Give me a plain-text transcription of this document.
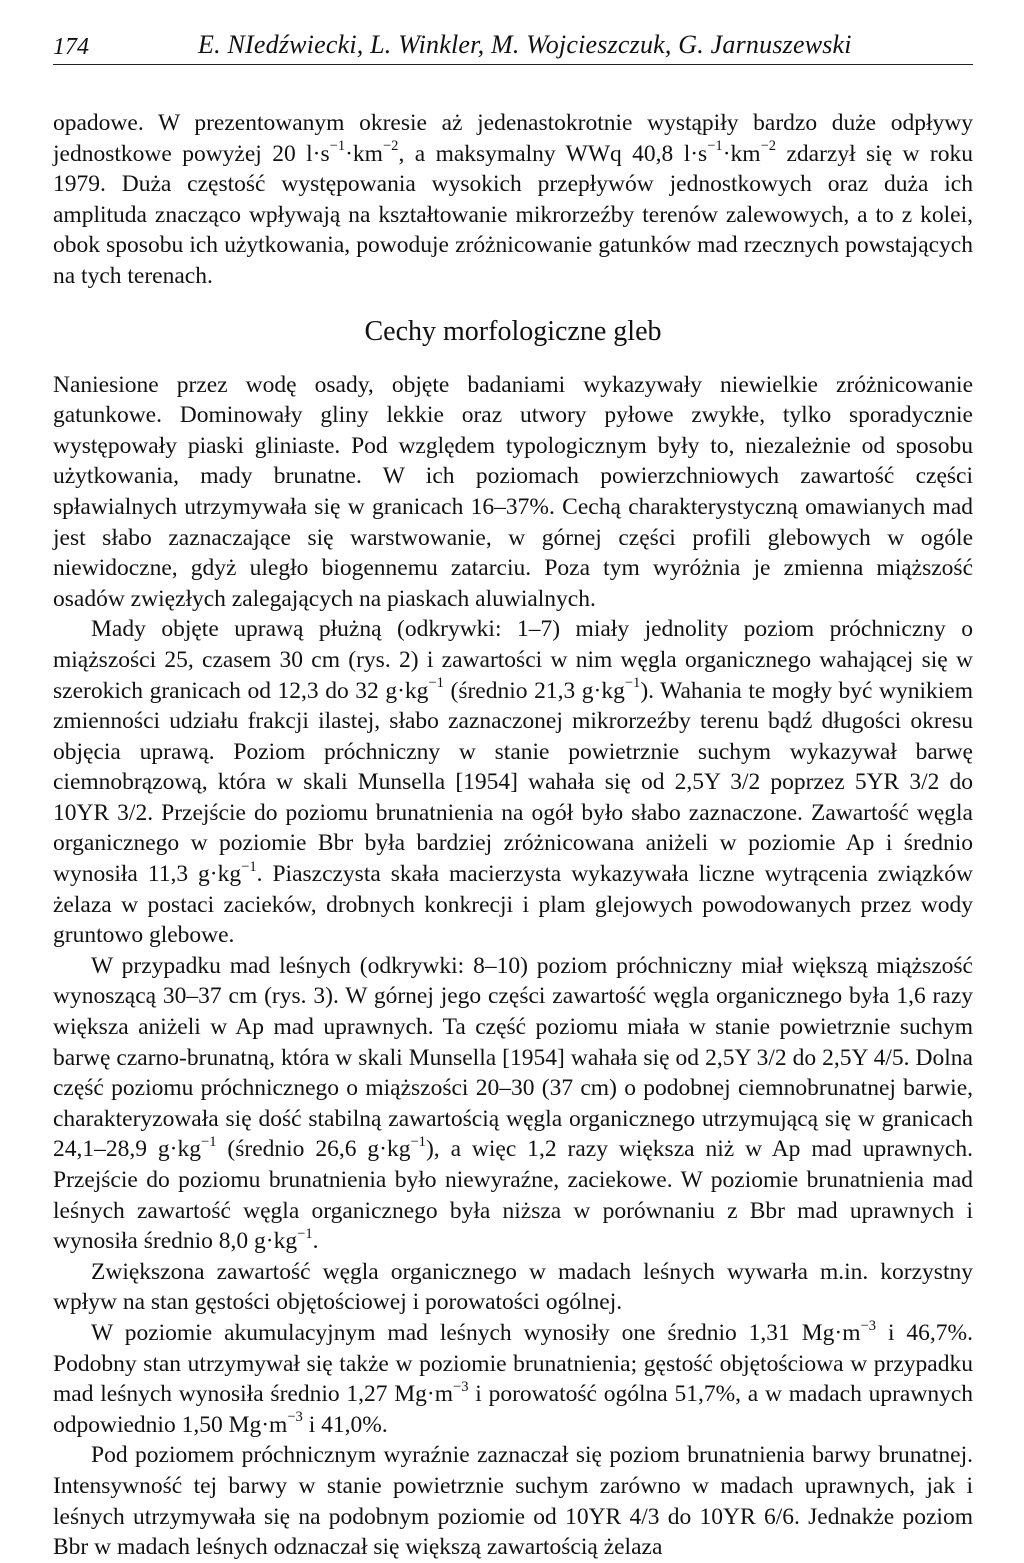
174	E. NIedźwiecki, L. Winkler, M. Wojcieszczuk, G. Jarnuszewski

opadowe. W prezentowanym okresie aż jedenastokrotnie wystąpiły bardzo duże odpływy jednostkowe powyżej 20 $l\cdot s^{-1}\cdot km^{-2}$, a maksymalny WWq 40,8 $l\cdot s^{-1}\cdot km^{-2}$ zdarzył się w roku 1979. Duża częstość występowania wysokich przepływów jednostkowych oraz duża ich amplituda znacząco wpływają na kształtowanie mikrorzeźby terenów zalewowych, a to z kolei, obok sposobu ich użytkowania, powoduje zróżnicowanie gatunków mad rzecznych powstających na tych terenach.

Cechy morfologiczne gleb

Naniesione przez wodę osady, objęte badaniami wykazywały niewielkie zróżnicowanie gatunkowe. Dominowały gliny lekkie oraz utwory pyłowe zwykłe, tylko sporadycznie występowały piaski gliniaste. Pod względem typologicznym były to, niezależnie od sposobu użytkowania, mady brunatne. W ich poziomach powierzchniowych zawartość części spławialnych utrzymywała się w granicach 16–37%. Cechą charakterystyczną omawianych mad jest słabo zaznaczające się warstwowanie, w górnej części profili glebowych w ogóle niewidoczne, gdyż uległo biogennemu zatarciu. Poza tym wyróżnia je zmienna miąższość osadów zwięzłych zalegających na piaskach aluwialnych.

Mady objęte uprawą płużną (odkrywki: 1–7) miały jednolity poziom próchniczny o miąższości 25, czasem 30 cm (rys. 2) i zawartości w nim węgla organicznego wahającej się w szerokich granicach od 12,3 do 32 $g\cdot kg^{-1}$ (średnio 21,3 $g\cdot kg^{-1}$). Wahania te mogły być wynikiem zmienności udziału frakcji ilastej, słabo zaznaczonej mikrorzeźby terenu bądź długości okresu objęcia uprawą. Poziom próchniczny w stanie powietrznie suchym wykazywał barwę ciemnobrązową, która w skali Munsella [1954] wahała się od 2,5Y 3/2 poprzez 5YR 3/2 do 10YR 3/2. Przejście do poziomu brunatnienia na ogół było słabo zaznaczone. Zawartość węgla organicznego w poziomie Bbr była bardziej zróżnicowana aniżeli w poziomie Ap i średnio wynosiła 11,3 $g\cdot kg^{-1}$. Piaszczysta skała macierzysta wykazywała liczne wytrącenia związków żelaza w postaci zacieków, drobnych konkrecji i plam glejowych powodowanych przez wody gruntowo glebowe.

W przypadku mad leśnych (odkrywki: 8–10) poziom próchniczny miał większą miąższość wynoszącą 30–37 cm (rys. 3). W górnej jego części zawartość węgla organicznego była 1,6 razy większa aniżeli w Ap mad uprawnych. Ta część poziomu miała w stanie powietrznie suchym barwę czarno-brunatną, która w skali Munsella [1954] wahała się od 2,5Y 3/2 do 2,5Y 4/5. Dolna część poziomu próchnicznego o miąższości 20–30 (37 cm) o podobnej ciemnobrunatnej barwie, charakteryzowała się dość stabilną zawartością węgla organicznego utrzymującą się w granicach 24,1–28,9 $g\cdot kg^{-1}$ (średnio 26,6 $g\cdot kg^{-1}$), a więc 1,2 razy większa niż w Ap mad uprawnych. Przejście do poziomu brunatnienia było niewyraźne, zaciekowe. W poziomie brunatnienia mad leśnych zawartość węgla organicznego była niższa w porównaniu z Bbr mad uprawnych i wynosiła średnio 8,0 $g\cdot kg^{-1}$.

Zwiększona zawartość węgla organicznego w madach leśnych wywarła m.in. korzystny wpływ na stan gęstości objętościowej i porowatości ogólnej.

W poziomie akumulacyjnym mad leśnych wynosiły one średnio 1,31 $Mg\cdot m^{-3}$ i 46,7%. Podobny stan utrzymywał się także w poziomie brunatnienia; gęstość objętościowa w przypadku mad leśnych wynosiła średnio 1,27 $Mg\cdot m^{-3}$ i porowatość ogólna 51,7%, a w madach uprawnych odpowiednio 1,50 $Mg\cdot m^{-3}$ i 41,0%.

Pod poziomem próchnicznym wyraźnie zaznaczał się poziom brunatnienia barwy brunatnej. Intensywność tej barwy w stanie powietrznie suchym zarówno w madach uprawnych, jak i leśnych utrzymywała się na podobnym poziomie od 10YR 4/3 do 10YR 6/6. Jednakże poziom Bbr w madach leśnych odznaczał się większą zawartością żelaza
